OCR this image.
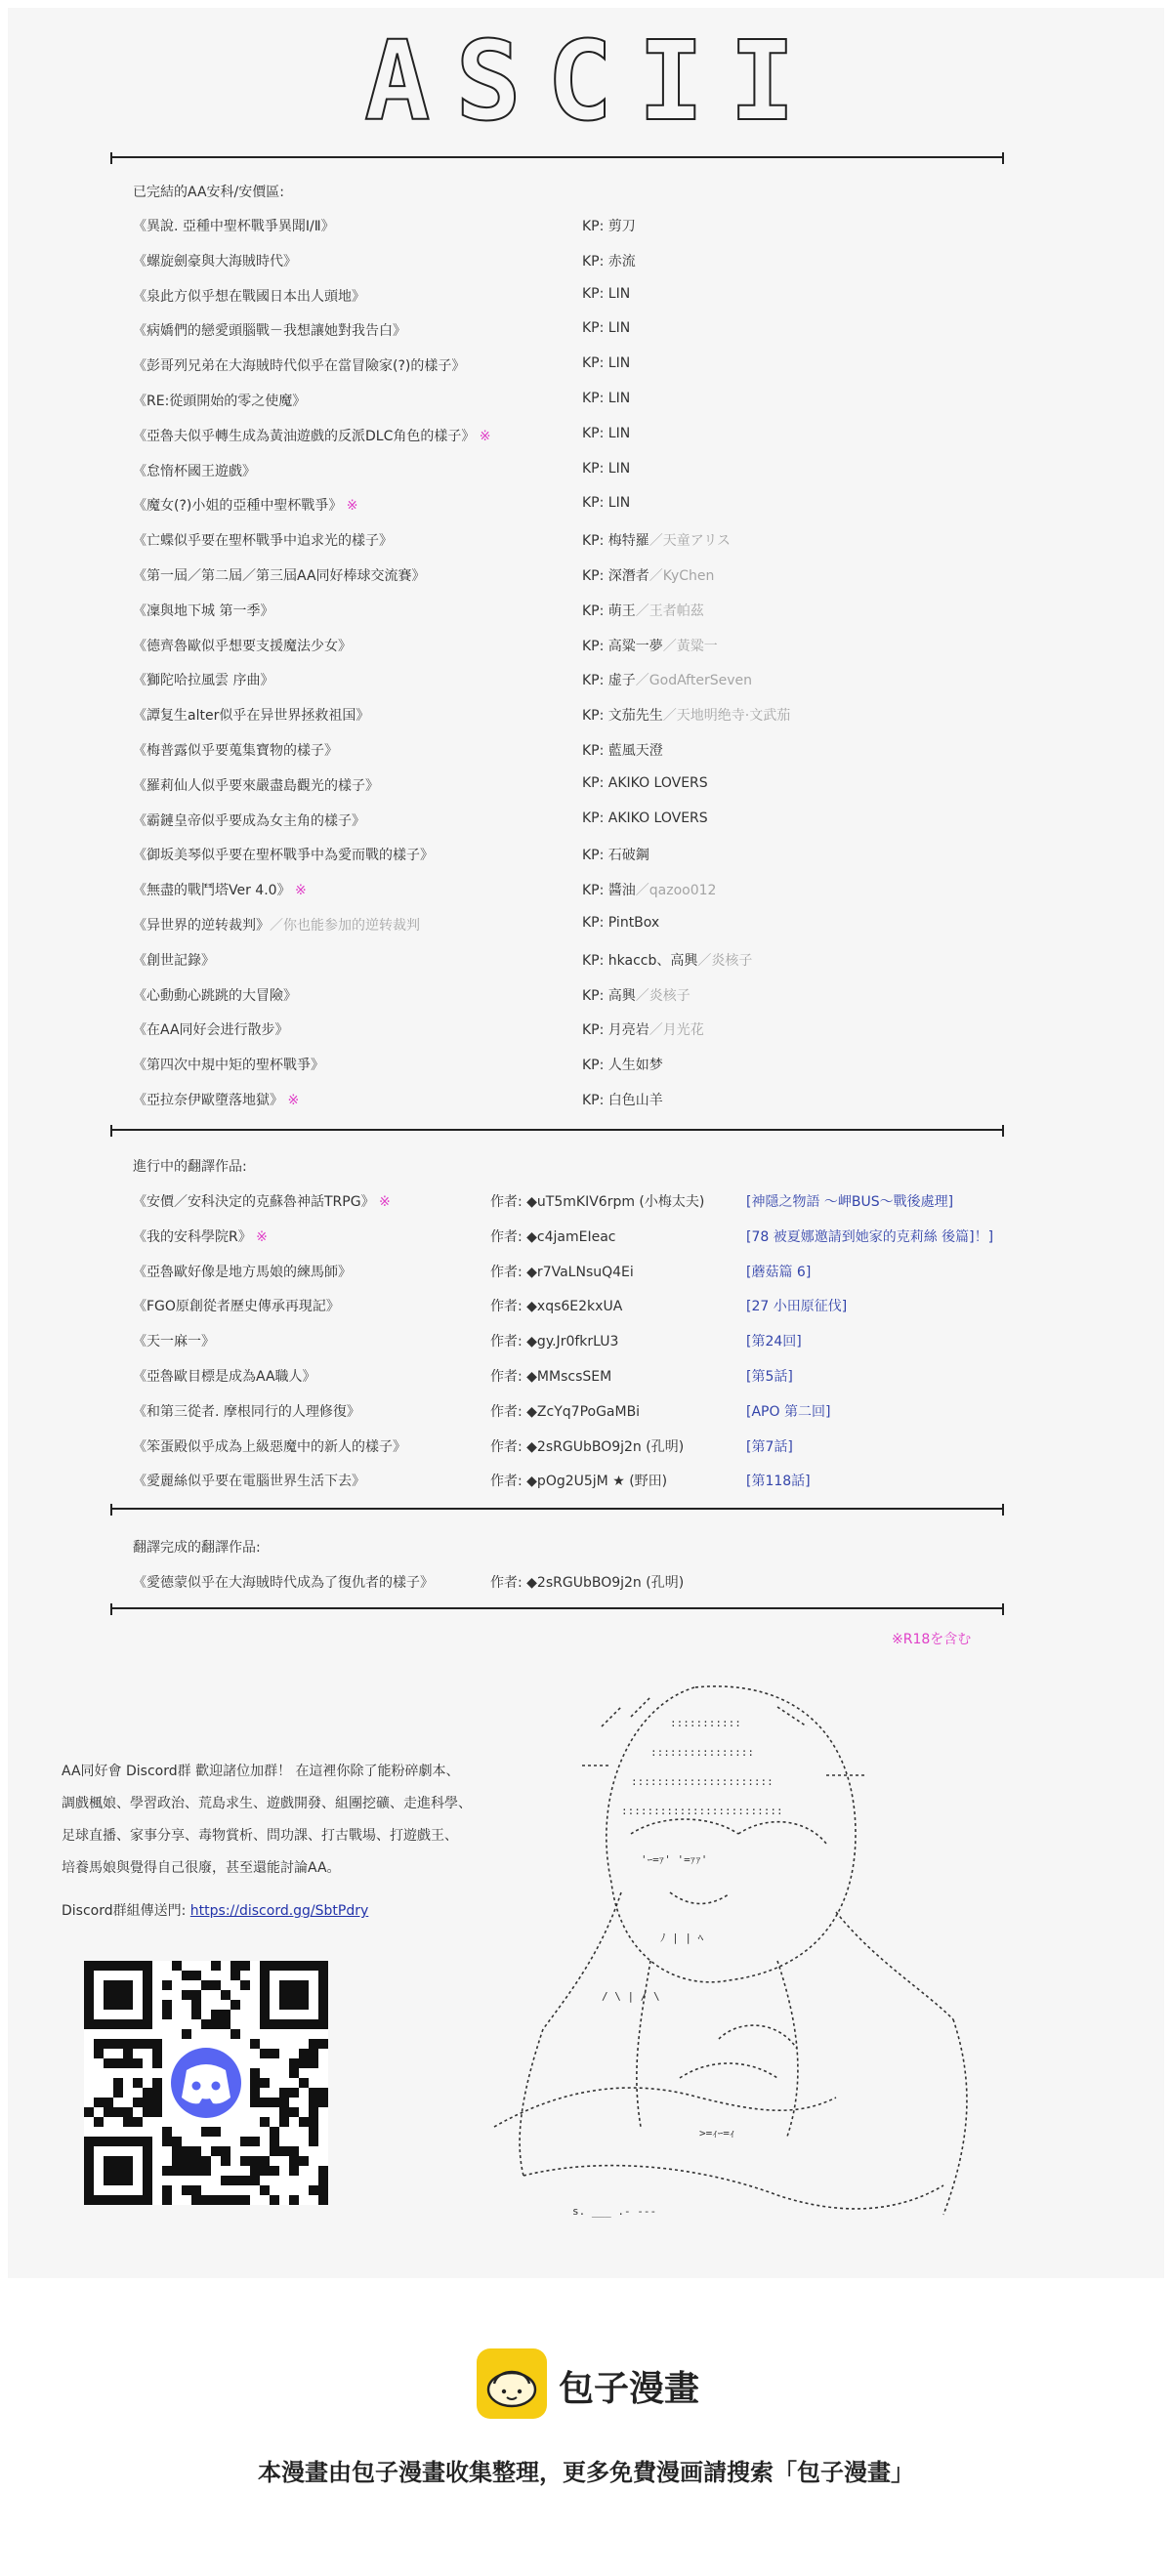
ASCII
已完結的AA安科/安價區:
《異說. 亞種中聖杯戰爭異聞Ⅰ/Ⅱ》	KP: 剪刀
《螺旋劍豪與大海賊時代》	KP: 赤流
《泉此方似乎想在戰國日本出人頭地》	KP: LIN
《病嬌們的戀愛頭腦戰－我想讓她對我告白》	KP: LIN
《彭哥列兄弟在大海賊時代似乎在當冒險家(?)的樣子》	KP: LIN
《RE:從頭開始的零之使魔》	KP: LIN
《亞魯夫似乎轉生成為黃油遊戲的反派DLC角色的樣子》 ※	KP: LIN
《怠惰杯國王遊戲》	KP: LIN
《魔女(?)小姐的亞種中聖杯戰爭》 ※	KP: LIN
《亡蝶似乎要在聖杯戰爭中追求光的樣子》	KP: 梅特羅／天童アリス
《第一屆／第二屆／第三屆AA同好棒球交流賽》	KP: 深潛者／KyChen
《凜與地下城 第一季》	KP: 萌王／王者帕茲
《德齊魯歐似乎想要支援魔法少女》	KP: 高粱一夢／黃粱一
《獅陀哈拉風雲 序曲》	KP: 虚子／GodAfterSeven
《譚复生alter似乎在异世界拯救祖国》	KP: 文茄先生／天地明绝寺·文武茄
《梅普露似乎要蒐集寶物的樣子》	KP: 藍風天澄
《羅莉仙人似乎要來嚴盡島觀光的樣子》	KP: AKIKO LOVERS
《霸鏈皇帝似乎要成為女主角的樣子》	KP: AKIKO LOVERS
《御坂美琴似乎要在聖杯戰爭中為愛而戰的樣子》	KP: 石破鋼
《無盡的戰鬥塔Ver 4.0》 ※	KP: 醬油／qazoo012
《异世界的逆转裁判》／你也能参加的逆转裁判	KP: PintBox
《創世記錄》	KP: hkaccb、高興／炎核子
《心動動心跳跳的大冒險》	KP: 高興／炎核子
《在AA同好会进行散步》	KP: 月亮岩／月光花
《第四次中規中矩的聖杯戰爭》	KP: 人生如梦
《亞拉奈伊歐墮落地獄》 ※	KP: 白色山羊
進行中的翻譯作品:
《安價／安科決定的克蘇魯神話TRPG》 ※	作者: ◆uT5mKIV6rpm (小梅太夫)	[神隱之物語 ～岬BUS～戰後處理]
《我的安科學院R》 ※	作者: ◆c4jamEIeac	[78 被夏娜邀請到她家的克莉絲 後篇]！]
《亞魯歐好像是地方馬娘的練馬師》	作者: ◆r7VaLNsuQ4Ei	[蘑菇篇 6]
《FGO原創從者歷史傳承再現記》	作者: ◆xqs6E2kxUA	[27 小田原征伐]
《天一麻一》	作者: ◆gy.Jr0fkrLU3	[第24回]
《亞魯歐目標是成為AA職人》	作者: ◆MMscsSEM	[第5話]
《和第三從者. 摩根同行的人理修復》	作者: ◆ZcYq7PoGaMBi	[APO 第二回]
《笨蛋殿似乎成為上級惡魔中的新人的樣子》	作者: ◆2sRGUbBO9j2n (孔明)	[第7話]
《愛麗絲似乎要在電腦世界生活下去》	作者: ◆pOg2U5jM ★ (野田)	[第118話]
翻譯完成的翻譯作品:
《愛德蒙似乎在大海賊時代成為了復仇者的樣子》	作者: ◆2sRGUbBO9j2n (孔明)
※R18を含む
AA同好會 Discord群 歡迎諸位加群！ 在這裡你除了能粉碎劇本、
調戲楓娘、學習政治、荒島求生、遊戲開發、組團挖礦、走進科學、
足球直播、家事分享、毒物賞析、問功課、打古戰場、打遊戲王、
培養馬娘與覺得自己很廢，甚至還能討論AA。
Discord群組傳送門: https://discord.gg/SbtPdry
:::::::::::
::::::::::::::::
::::::::::::::::::::::
:::::::::::::::::::::::::
'ｰ=ｧ' '=ｧｧ'
ﾉ | | ﾍ
/ \ | / \
>=ｨｰ=ｨ
s. ___ .- ---
包子漫畫
本漫畫由包子漫畫收集整理，更多免費漫画請搜索「包子漫畫」
